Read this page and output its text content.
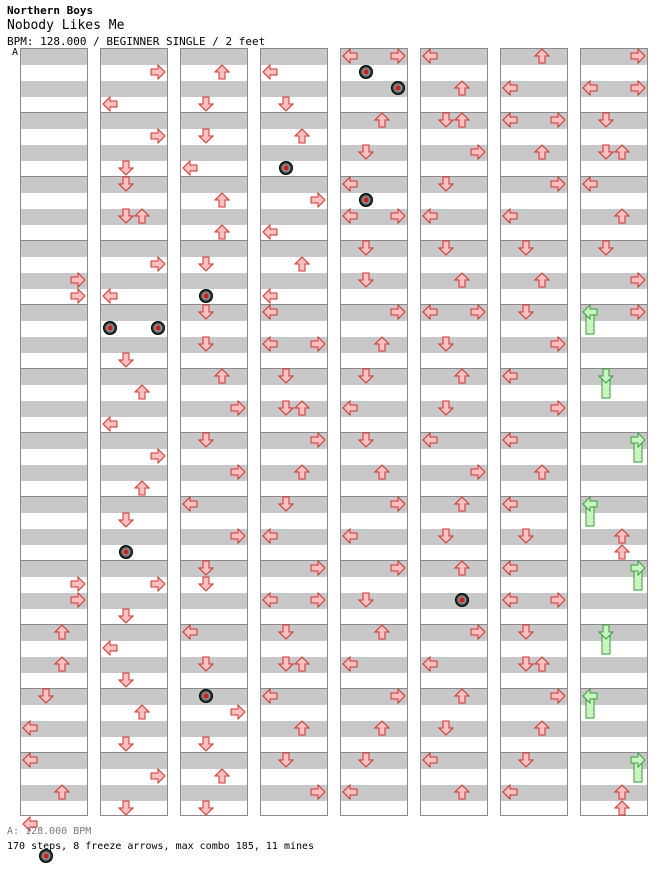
Northern Boys
Nobody Likes Me
BPM: 128.000 / BEGINNER SINGLE / 2 feet
A
A: 128.000 BPM
170 steps, 8 freeze arrows, max combo 185, 11 mines
